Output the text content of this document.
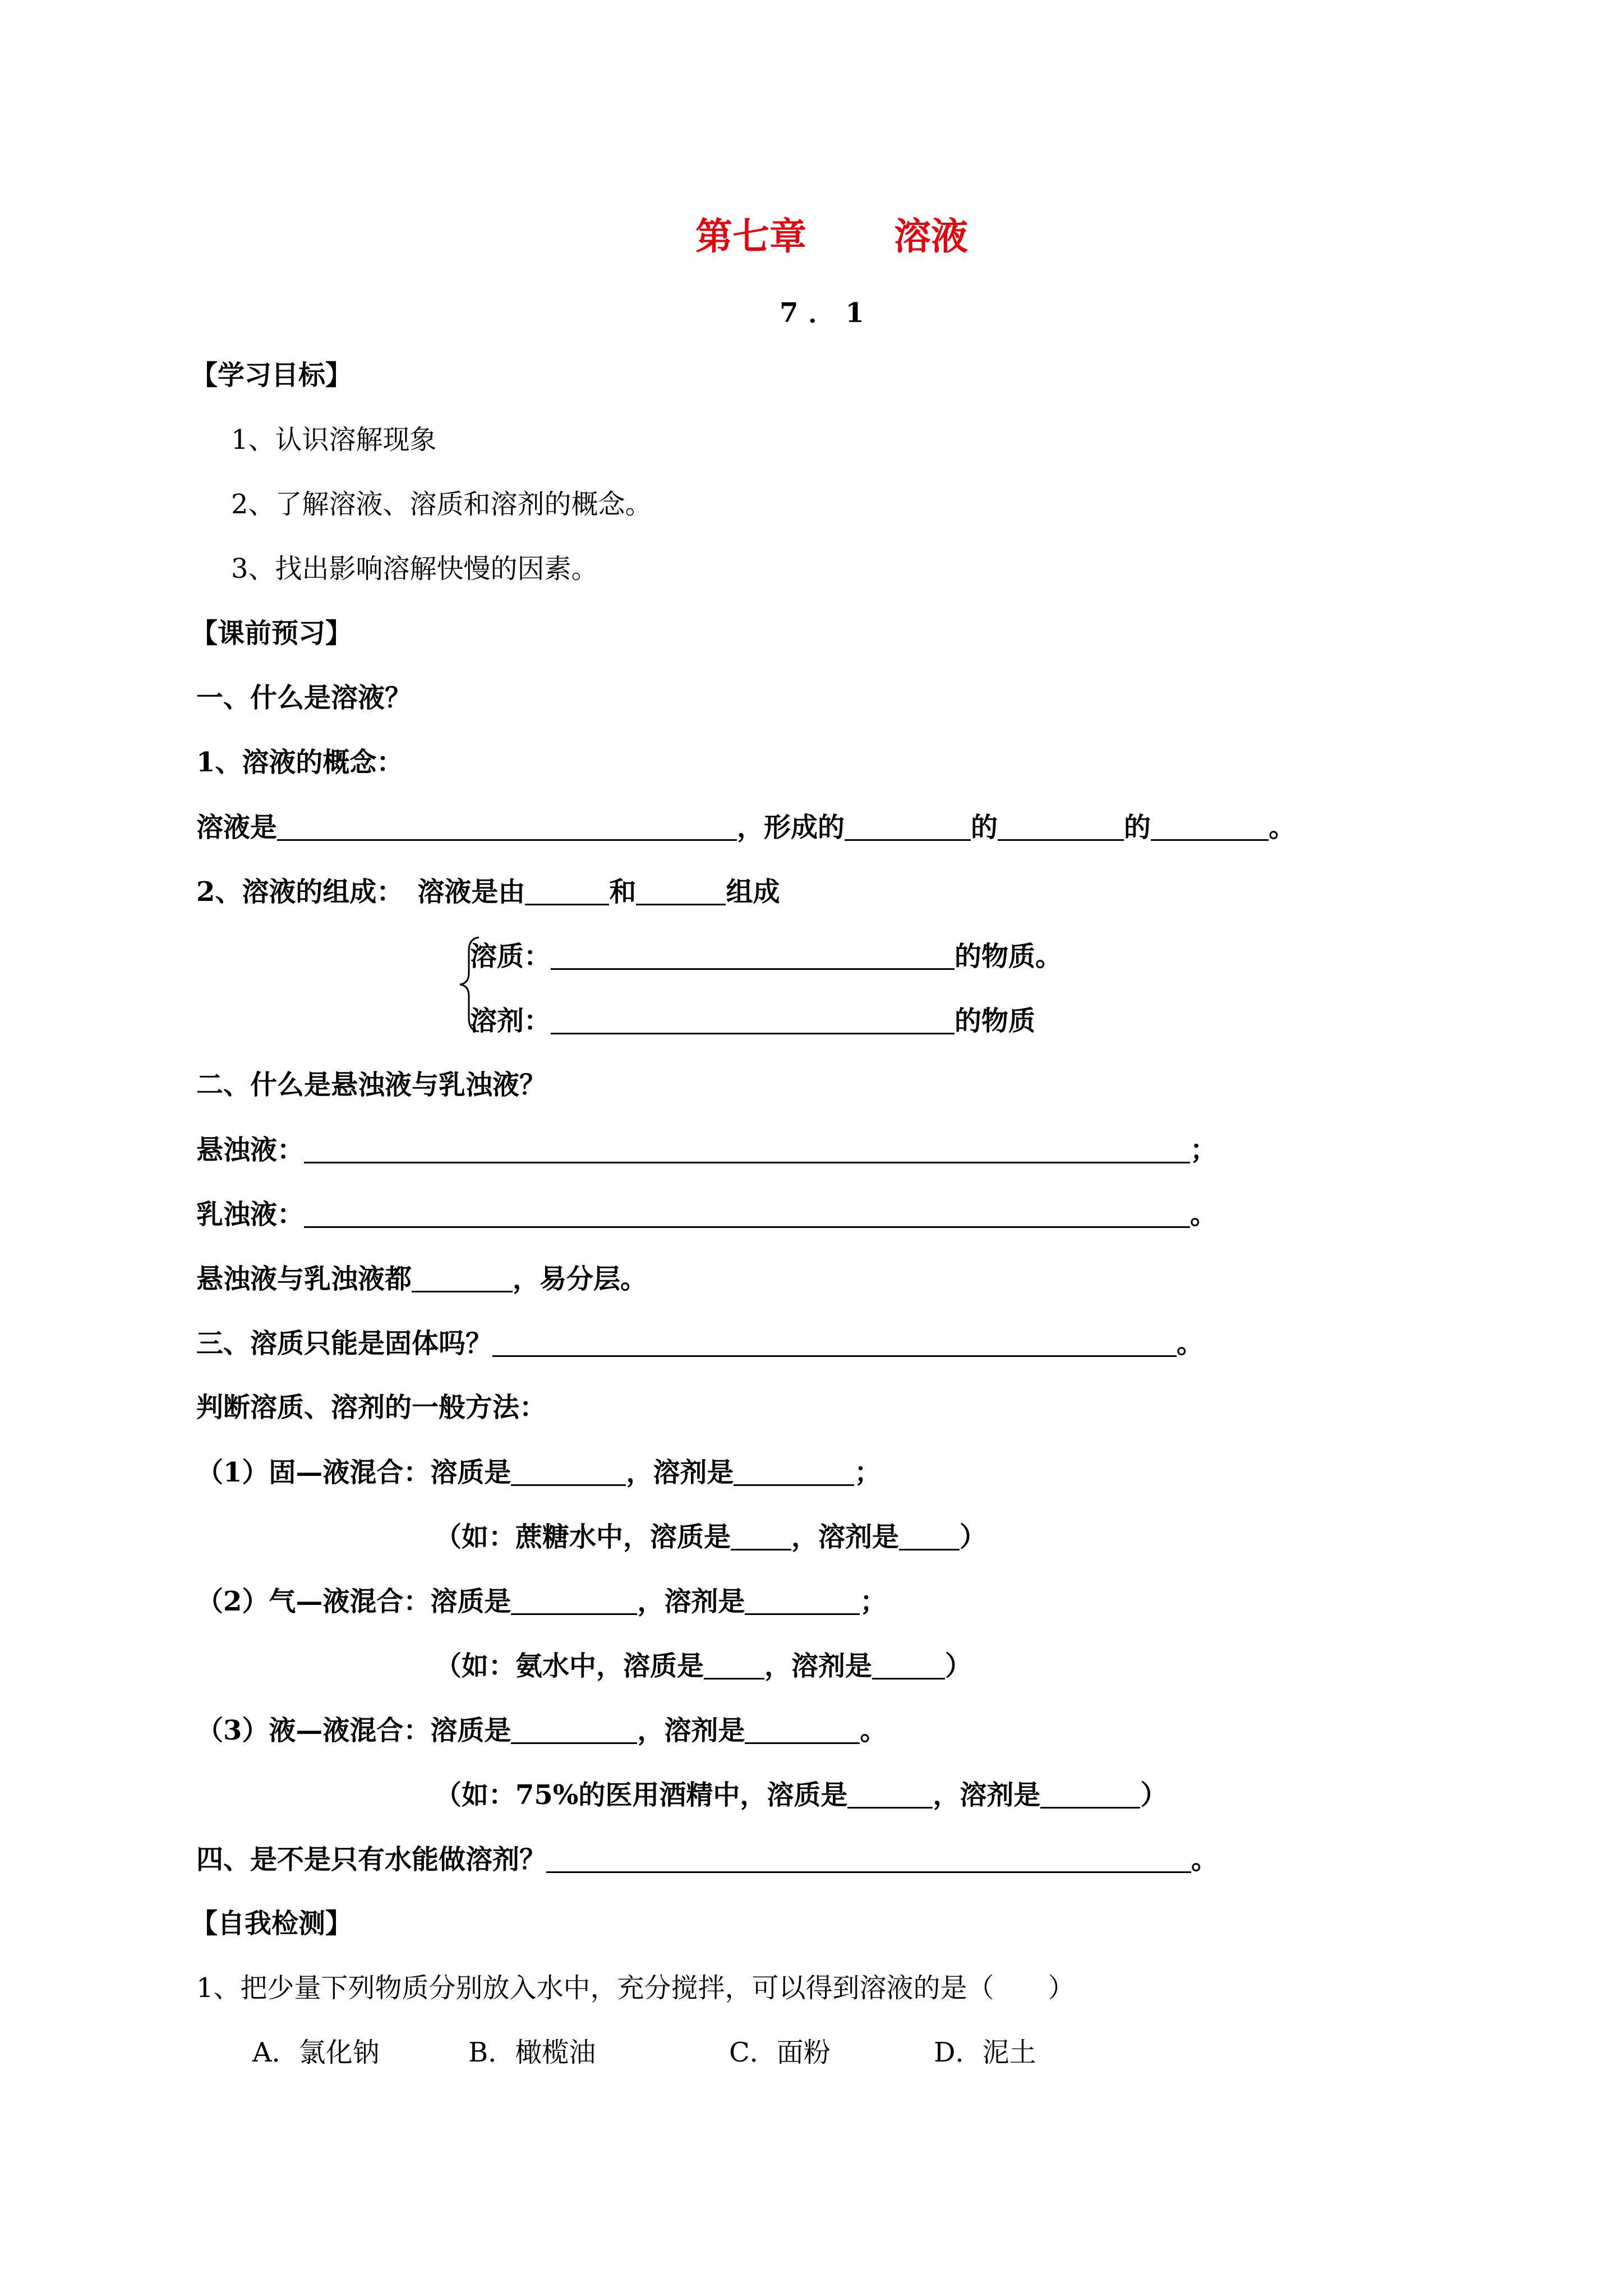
第七章 溶液
7．1
【学习目标】
1、认识溶解现象
2、了解溶液、溶质和溶剂的概念。
3、找出影响溶解快慢的因素。
【课前预习】
一、什么是溶液？
1、溶液的概念：
溶液是	，形成的	的	的	。
2、溶液的组成： 溶液是由	和	组成
溶质：	的物质。
溶剂：	的物质
二、什么是悬浊液与乳浊液？
悬浊液：	；
乳浊液：	。
悬浊液与乳浊液都	，易分层。
三、溶质只能是固体吗？	。
判断溶质、溶剂的一般方法：
（1）固—液混合：溶质是	，溶剂是	；
（如：蔗糖水中，溶质是 ，溶剂是 ）
（2）气—液混合：溶质是	，溶剂是	；
（如：氨水中，溶质是 ，溶剂是	）
（3）液—液混合：溶质是	，溶剂是	。
（如：75%的医用酒精中，溶质是	，溶剂是	）
四、是不是只有水能做溶剂？	。
【自我检测】
1、把少量下列物质分别放入水中，充分搅拌，可以得到溶液的是（　　）
A．氯化钠	B．橄榄油	C．面粉	D．泥土
